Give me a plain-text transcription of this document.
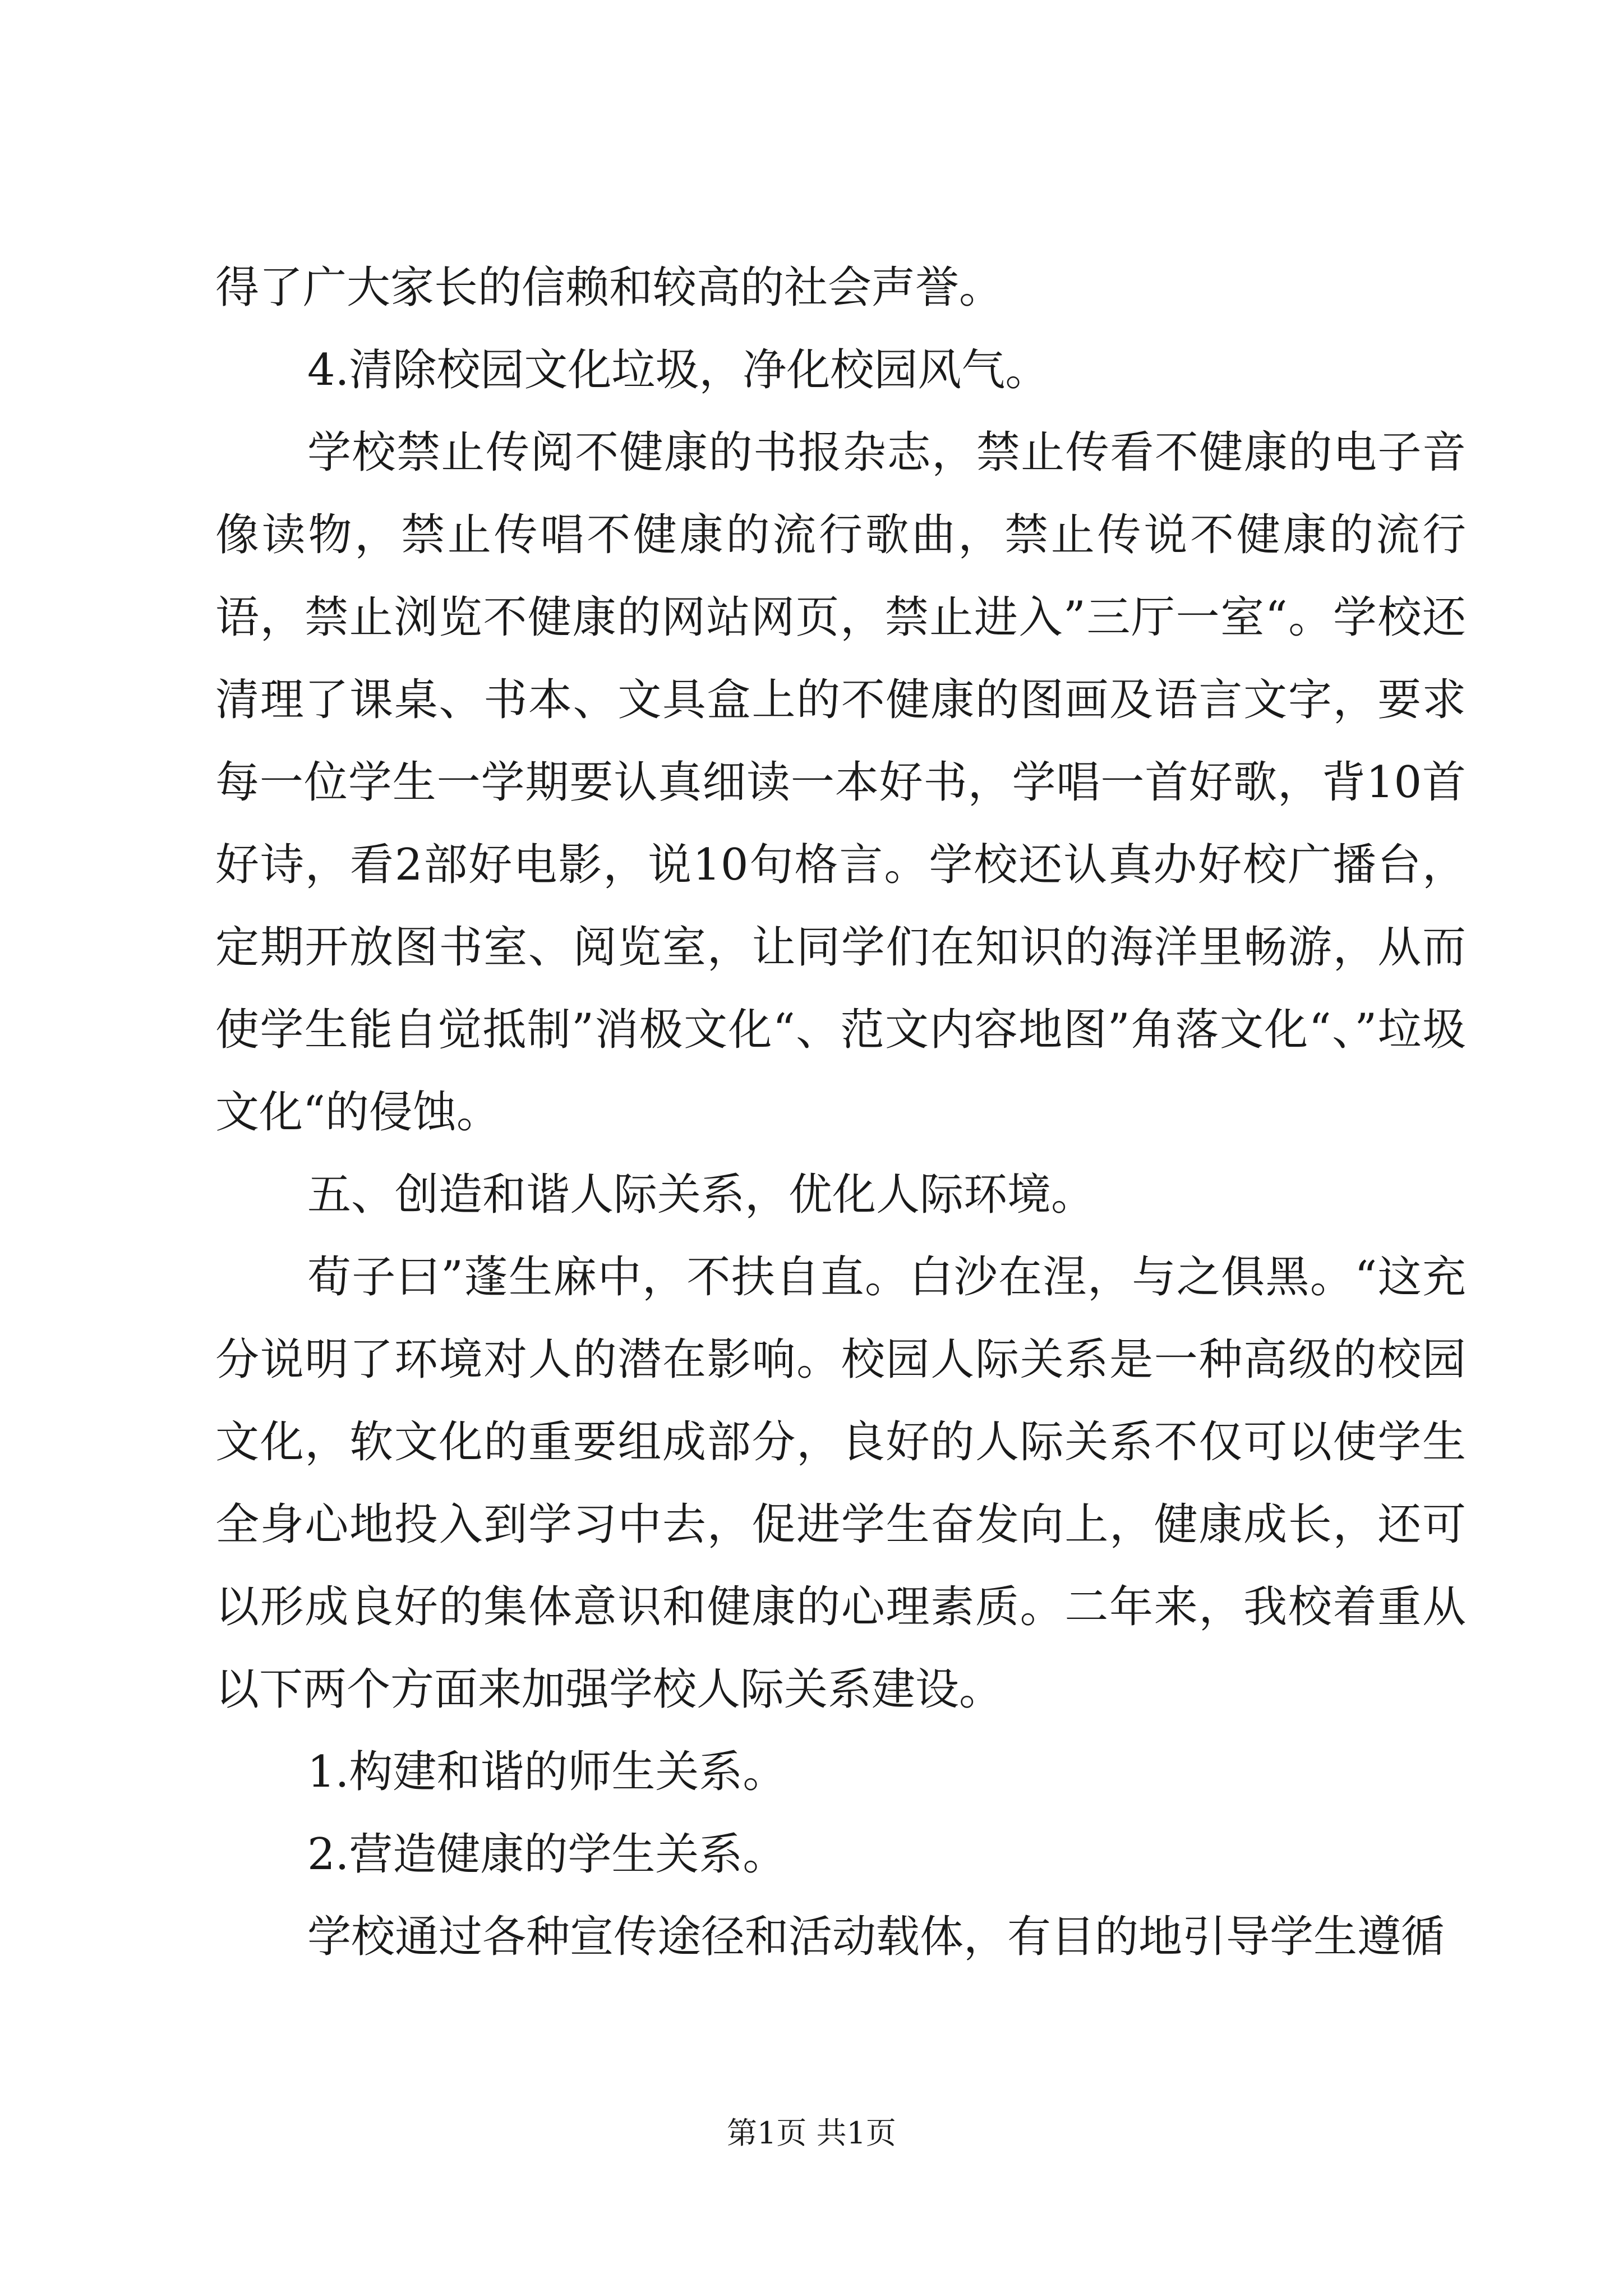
得了广大家长的信赖和较高的社会声誉。

4.清除校园文化垃圾，净化校园风气。

学校禁止传阅不健康的书报杂志，禁止传看不健康的电子音像读物，禁止传唱不健康的流行歌曲，禁止传说不健康的流行语，禁止浏览不健康的网站网页，禁止进入”三厅一室“。学校还清理了课桌、书本、文具盒上的不健康的图画及语言文字，要求每一位学生一学期要认真细读一本好书，学唱一首好歌，背10首好诗，看2部好电影，说10句格言。学校还认真办好校广播台，定期开放图书室、阅览室，让同学们在知识的海洋里畅游，从而使学生能自觉抵制”消极文化“、范文内容地图”角落文化“、”垃圾文化“的侵蚀。

五、创造和谐人际关系，优化人际环境。

荀子曰”蓬生麻中，不扶自直。白沙在涅，与之俱黑。“这充分说明了环境对人的潜在影响。校园人际关系是一种高级的校园文化，软文化的重要组成部分，良好的人际关系不仅可以使学生全身心地投入到学习中去，促进学生奋发向上，健康成长，还可以形成良好的集体意识和健康的心理素质。二年来，我校着重从以下两个方面来加强学校人际关系建设。

1.构建和谐的师生关系。

2.营造健康的学生关系。

学校通过各种宣传途径和活动载体，有目的地引导学生遵循

第1页 共1页
